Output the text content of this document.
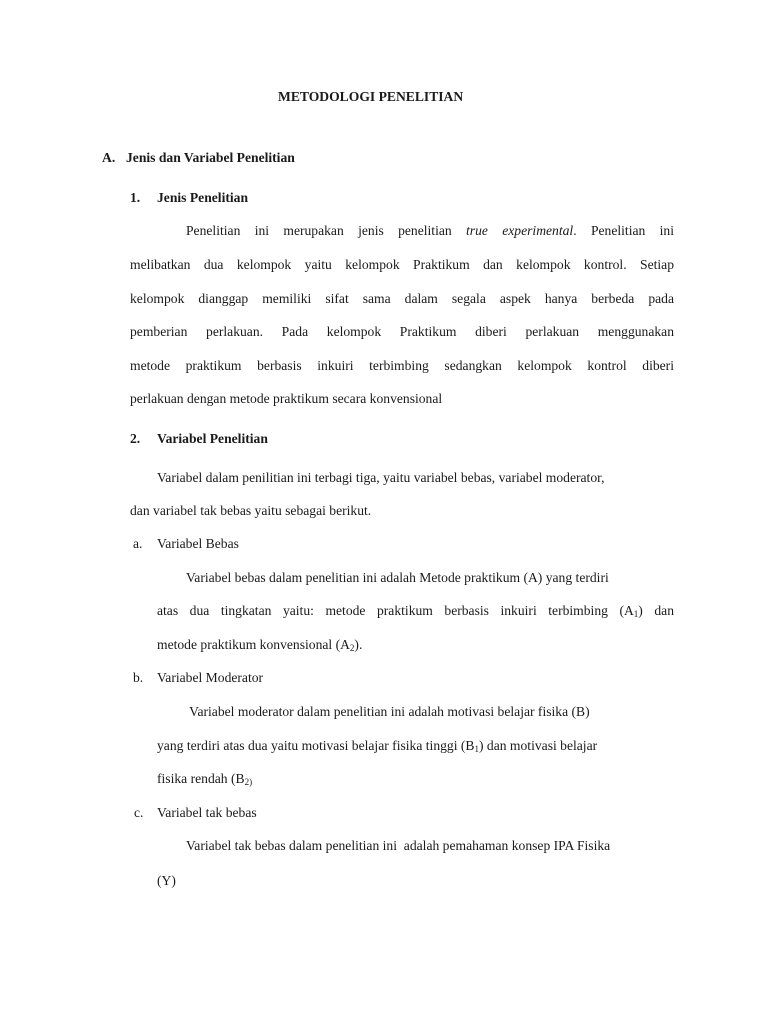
METODOLOGI PENELITIAN
A. Jenis dan Variabel Penelitian
1. Jenis Penelitian
Penelitian ini merupakan jenis penelitian true experimental. Penelitian ini
melibatkan dua kelompok yaitu kelompok Praktikum dan kelompok kontrol. Setiap
kelompok dianggap memiliki sifat sama dalam segala aspek hanya berbeda pada
pemberian perlakuan. Pada kelompok Praktikum diberi perlakuan menggunakan
metode praktikum berbasis inkuiri terbimbing sedangkan kelompok kontrol diberi
perlakuan dengan metode praktikum secara konvensional
2. Variabel Penelitian
Variabel dalam penilitian ini terbagi tiga, yaitu variabel bebas, variabel moderator,
dan variabel tak bebas yaitu sebagai berikut.
a. Variabel Bebas
Variabel bebas dalam penelitian ini adalah Metode praktikum (A) yang terdiri
atas dua tingkatan yaitu: metode praktikum berbasis inkuiri terbimbing $(A_1)$ dan
metode praktikum konvensional $(A_2)$.
b. Variabel Moderator
Variabel moderator dalam penelitian ini adalah motivasi belajar fisika (B)
yang terdiri atas dua yaitu motivasi belajar fisika tinggi $(B_1)$ dan motivasi belajar
fisika rendah ($B_{2)}$
c. Variabel tak bebas
Variabel tak bebas dalam penelitian ini  adalah pemahaman konsep IPA Fisika
(Y)
